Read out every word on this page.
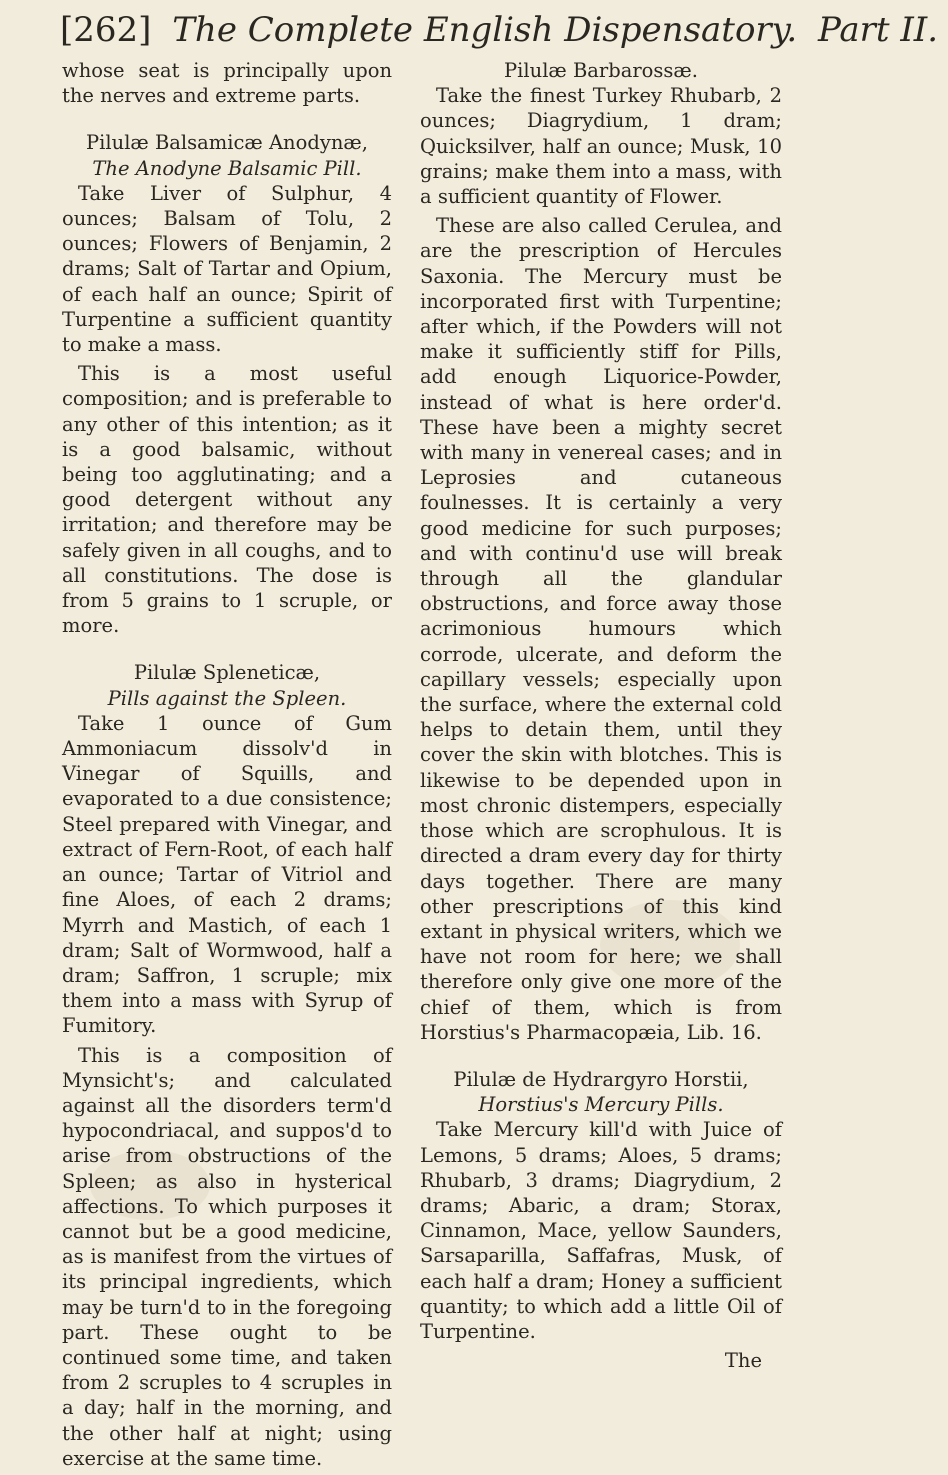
[262] The Complete English Dispensatory. Part II.

whose seat is principally upon the nerves and extreme parts.

Pilulæ Balsamicæ Anodynæ,

The Anodyne Balsamic Pill.

Take Liver of Sulphur, 4 ounces; Balsam of Tolu, 2 ounces; Flowers of Benjamin, 2 drams; Salt of Tartar and Opium, of each half an ounce; Spirit of Turpentine a sufficient quantity to make a mass.

This is a most useful composition; and is preferable to any other of this intention; as it is a good balsamic, without being too agglutinating; and a good detergent without any irritation; and therefore may be safely given in all coughs, and to all constitutions. The dose is from 5 grains to 1 scruple, or more.

Pilulæ Spleneticæ,

Pills against the Spleen.

Take 1 ounce of Gum Ammoniacum dissolv'd in Vinegar of Squills, and evaporated to a due consistence; Steel prepared with Vinegar, and extract of Fern-Root, of each half an ounce; Tartar of Vitriol and fine Aloes, of each 2 drams; Myrrh and Mastich, of each 1 dram; Salt of Wormwood, half a dram; Saffron, 1 scruple; mix them into a mass with Syrup of Fumitory.

This is a composition of Mynsicht's; and calculated against all the disorders term'd hypocondriacal, and suppos'd to arise from obstructions of the Spleen; as also in hysterical affections. To which purposes it cannot but be a good medicine, as is manifest from the virtues of its principal ingredients, which may be turn'd to in the foregoing part. These ought to be continued some time, and taken from 2 scruples to 4 scruples in a day; half in the morning, and the other half at night; using exercise at the same time.

Pilulæ Barbarossæ.

Take the finest Turkey Rhubarb, 2 ounces; Diagrydium, 1 dram; Quicksilver, half an ounce; Musk, 10 grains; make them into a mass, with a sufficient quantity of Flower.

These are also called Cerulea, and are the prescription of Hercules Saxonia. The Mercury must be incorporated first with Turpentine; after which, if the Powders will not make it sufficiently stiff for Pills, add enough Liquorice-Powder, instead of what is here order'd. These have been a mighty secret with many in venereal cases; and in Leprosies and cutaneous foulnesses. It is certainly a very good medicine for such purposes; and with continu'd use will break through all the glandular obstructions, and force away those acrimonious humours which corrode, ulcerate, and deform the capillary vessels; especially upon the surface, where the external cold helps to detain them, until they cover the skin with blotches. This is likewise to be depended upon in most chronic distempers, especially those which are scrophulous. It is directed a dram every day for thirty days together. There are many other prescriptions of this kind extant in physical writers, which we have not room for here; we shall therefore only give one more of the chief of them, which is from Horstius's Pharmacopæia, Lib. 16.

Pilulæ de Hydrargyro Horstii,

Horstius's Mercury Pills.

Take Mercury kill'd with Juice of Lemons, 5 drams; Aloes, 5 drams; Rhubarb, 3 drams; Diagrydium, 2 drams; Abaric, a dram; Storax, Cinnamon, Mace, yellow Saunders, Sarsaparilla, Saffafras, Musk, of each half a dram; Honey a sufficient quantity; to which add a little Oil of Turpentine.

The
